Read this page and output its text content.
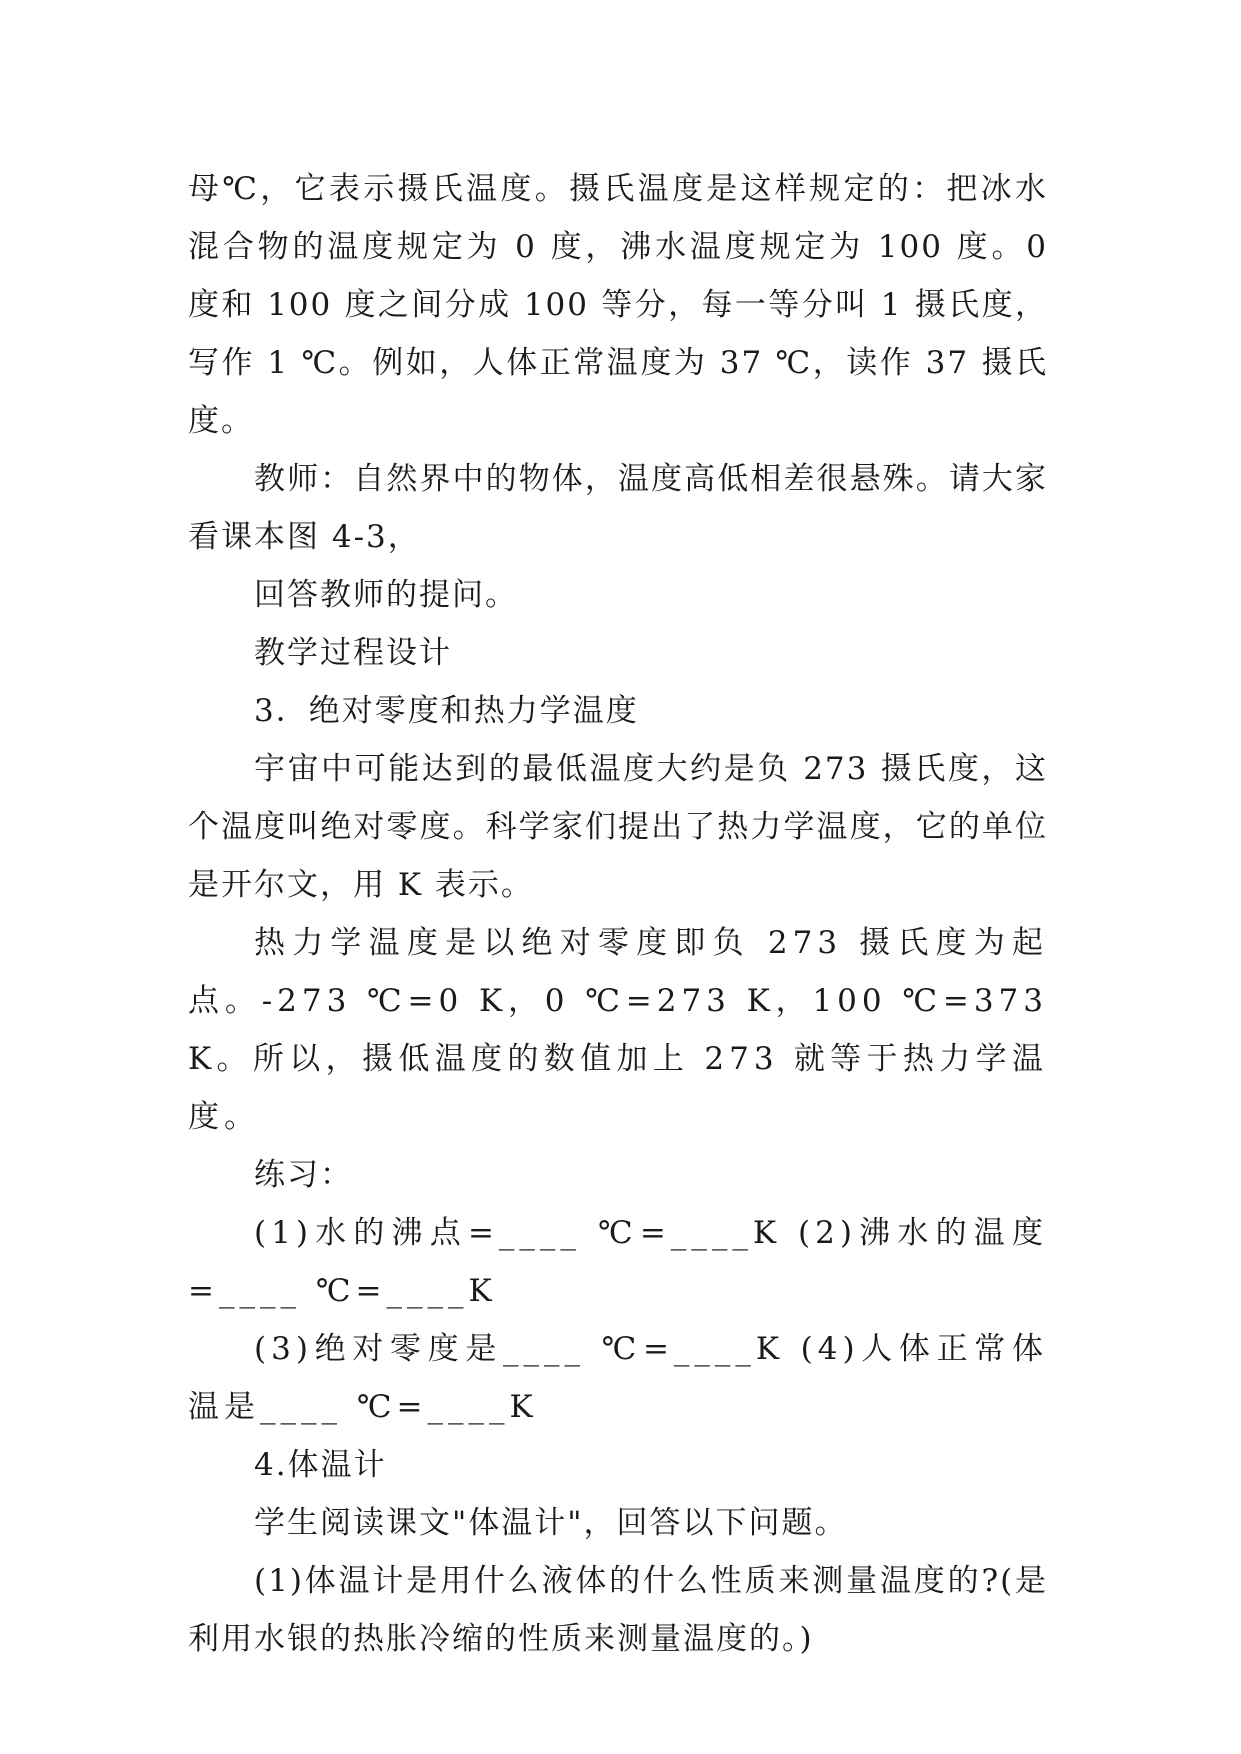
母℃，它表示摄氏温度。摄氏温度是这样规定的：把冰水混合物的温度规定为 0 度，沸水温度规定为 100 度。0 度和 100 度之间分成 100 等分，每一等分叫 1 摄氏度，写作 1 ℃。例如，人体正常温度为 37 ℃，读作 37 摄氏度。

教师：自然界中的物体，温度高低相差很悬殊。请大家看课本图 4-3，

回答教师的提问。

教学过程设计

3．绝对零度和热力学温度

宇宙中可能达到的最低温度大约是负 273 摄氏度，这个温度叫绝对零度。科学家们提出了热力学温度，它的单位是开尔文，用 K 表示。

热力学温度是以绝对零度即负 273 摄氏度为起点。-273 ℃=0 K，0 ℃=273 K，100 ℃=373 K。所以，摄低温度的数值加上 273 就等于热力学温度。

练习：

(1)水的沸点=____ ℃=____K (2)沸水的温度=____ ℃=____K

(3)绝对零度是____ ℃=____K (4)人体正常体温是____ ℃=____K

4.体温计

学生阅读课文"体温计"，回答以下问题。

(1)体温计是用什么液体的什么性质来测量温度的?(是利用水银的热胀冷缩的性质来测量温度的。)
